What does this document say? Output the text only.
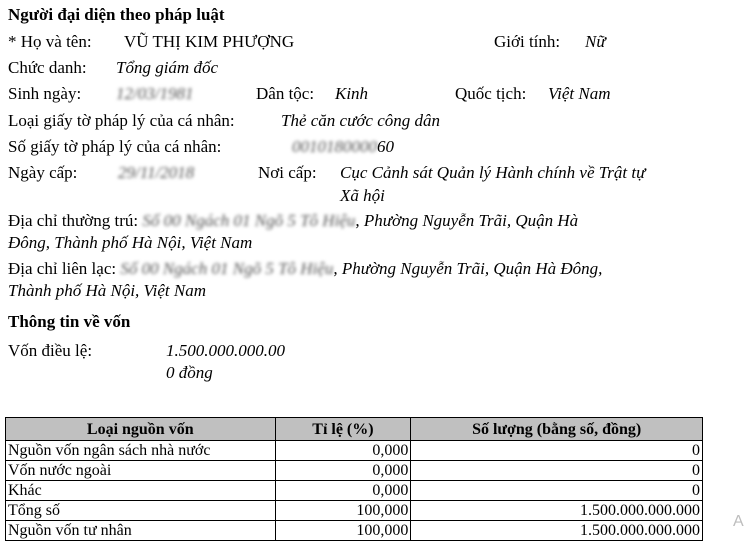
Người đại diện theo pháp luật
* Họ và tên: VŨ THỊ KIM PHƯỢNG	Giới tính: Nữ
Chức danh: Tổng giám đốc
Sinh ngày: 12/03/1981	Dân tộc: Kinh	Quốc tịch: Việt Nam
Loại giấy tờ pháp lý của cá nhân:	Thẻ căn cước công dân
Số giấy tờ pháp lý của cá nhân:	001018000060
Ngày cấp: 29/11/2018	Nơi cấp: Cục Cảnh sát Quản lý Hành chính về Trật tự
Xã hội
Địa chỉ thường trú: Số 00 Ngách 01 Ngõ 5 Tô Hiệu, Phường Nguyễn Trãi, Quận Hà
Đông, Thành phố Hà Nội, Việt Nam
Địa chỉ liên lạc: Số 00 Ngách 01 Ngõ 5 Tô Hiệu, Phường Nguyễn Trãi, Quận Hà Đông,
Thành phố Hà Nội, Việt Nam
Thông tin về vốn
Vốn điều lệ:	1.500.000.000.00
0 đồng
Loại nguồn vốn	Tỉ lệ (%)	Số lượng (bằng số, đồng)
Nguồn vốn ngân sách nhà nước	0,000	0
Vốn nước ngoài	0,000	0
Khác	0,000	0
Tổng số	100,000	1.500.000.000.000
Nguồn vốn tư nhân	100,000	1.500.000.000.000
A
